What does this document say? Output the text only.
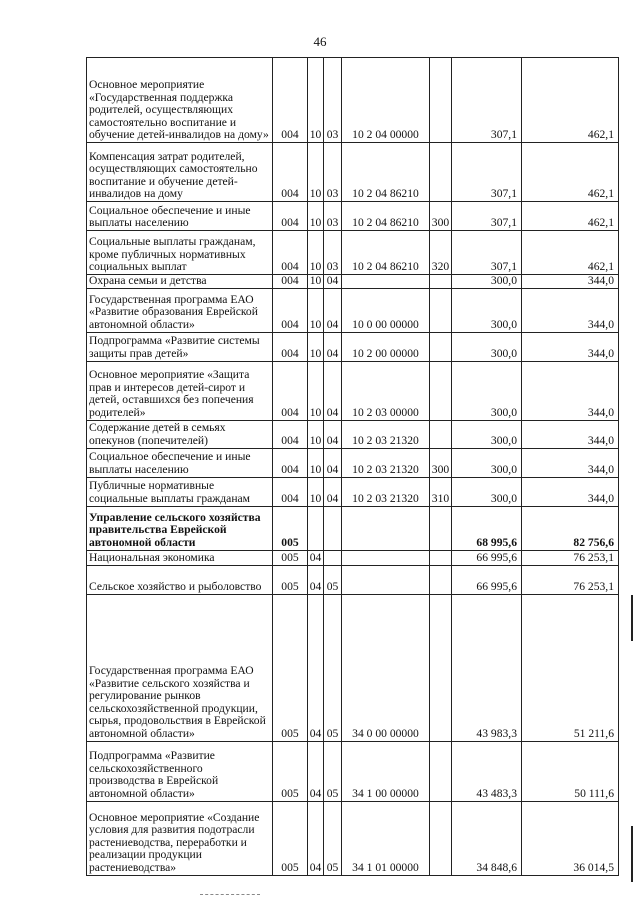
46
Основное мероприятие «Государственная поддержка родителей, осуществляющих самостоятельно воспитание и обучение детей-инвалидов на дому»	004	10	03	10 2 04 00000		307,1	462,1
Компенсация затрат родителей, осуществляющих самостоятельно воспитание и обучение детей-инвалидов на дому	004	10	03	10 2 04 86210		307,1	462,1
Социальное обеспечение и иные выплаты населению	004	10	03	10 2 04 86210	300	307,1	462,1
Социальные выплаты гражданам, кроме публичных нормативных социальных выплат	004	10	03	10 2 04 86210	320	307,1	462,1
Охрана семьи и детства	004	10	04			300,0	344,0
Государственная программа ЕАО «Развитие образования Еврейской автономной области»	004	10	04	10 0 00 00000		300,0	344,0
Подпрограмма «Развитие системы защиты прав детей»	004	10	04	10 2 00 00000		300,0	344,0
Основное мероприятие «Защита прав и интересов детей-сирот и детей, оставшихся без попечения родителей»	004	10	04	10 2 03 00000		300,0	344,0
Содержание детей в семьях опекунов (попечителей)	004	10	04	10 2 03 21320		300,0	344,0
Социальное обеспечение и иные выплаты населению	004	10	04	10 2 03 21320	300	300,0	344,0
Публичные нормативные социальные выплаты гражданам	004	10	04	10 2 03 21320	310	300,0	344,0
Управление сельского хозяйства правительства Еврейской автономной области	005					68 995,6	82 756,6
Национальная экономика	005	04				66 995,6	76 253,1
Сельское хозяйство и рыболовство	005	04	05			66 995,6	76 253,1
Государственная программа ЕАО «Развитие сельского хозяйства и регулирование рынков сельскохозяйственной продукции, сырья, продовольствия в Еврейской автономной области»	005	04	05	34 0 00 00000		43 983,3	51 211,6
Подпрограмма «Развитие сельскохозяйственного производства в Еврейской автономной области»	005	04	05	34 1 00 00000		43 483,3	50 111,6
Основное мероприятие «Создание условия для развития подотрасли растениеводства, переработки и реализации продукции растениеводства»	005	04	05	34 1 01 00000		34 848,6	36 014,5
